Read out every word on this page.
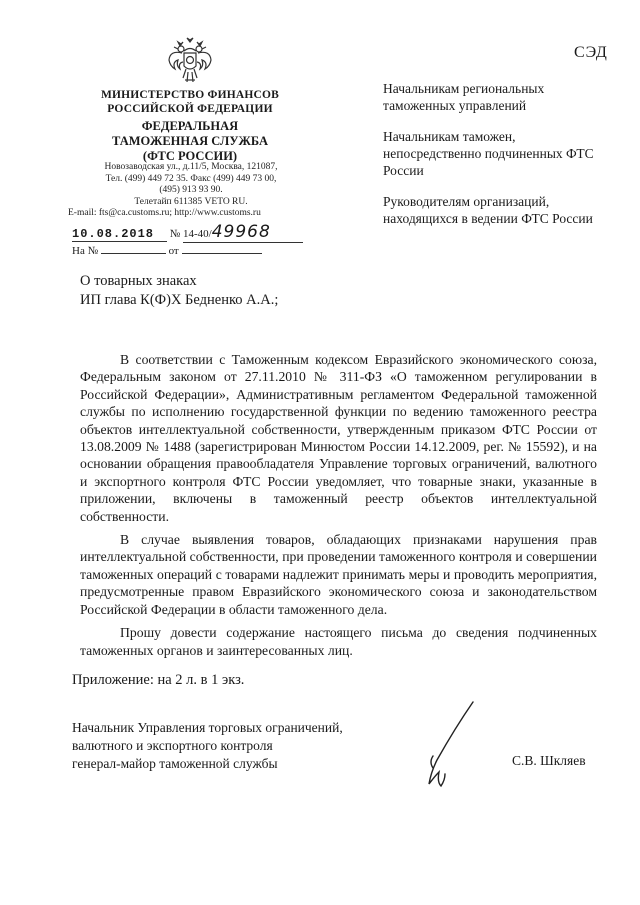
СЭД
МИНИСТЕРСТВО ФИНАНСОВ
РОССИЙСКОЙ ФЕДЕРАЦИИ
ФЕДЕРАЛЬНАЯ
ТАМОЖЕННАЯ СЛУЖБА
(ФТС РОССИИ)
Новозаводская ул., д.11/5, Москва, 121087,
Тел. (499) 449 72 35. Факс (499) 449 73 00,
(495) 913 93 90.
Телетайп 611385 VETO RU.
E-mail: fts@ca.customs.ru; http://www.customs.ru
10.08.2018 № 14-40/49968
На №	от
О товарных знаках
ИП глава К(Ф)Х Бедненко А.А.;
Начальникам региональных таможенных управлений
Начальникам таможен, непосредственно подчиненных ФТС России
Руководителям организаций, находящихся в ведении ФТС России

В соответствии с Таможенным кодексом Евразийского экономического союза, Федеральным законом от 27.11.2010 № 311-ФЗ «О таможенном регулировании в Российской Федерации», Административным регламентом Федеральной таможенной службы по исполнению государственной функции по ведению таможенного реестра объектов интеллектуальной собственности, утвержденным приказом ФТС России от 13.08.2009 № 1488 (зарегистрирован Минюстом России 14.12.2009, рег. № 15592), и на основании обращения правообладателя Управление торговых ограничений, валютного и экспортного контроля ФТС России уведомляет, что товарные знаки, указанные в приложении, включены в таможенный реестр объектов интеллектуальной собственности.

В случае выявления товаров, обладающих признаками нарушения прав интеллектуальной собственности, при проведении таможенного контроля и совершении таможенных операций с товарами надлежит принимать меры и проводить мероприятия, предусмотренные правом Евразийского экономического союза и законодательством Российской Федерации в области таможенного дела.

Прошу довести содержание настоящего письма до сведения подчиненных таможенных органов и заинтересованных лиц.

Приложение: на 2 л. в 1 экз.
Начальник Управления торговых ограничений,
валютного и экспортного контроля
генерал-майор таможенной службы	С.В. Шкляев
